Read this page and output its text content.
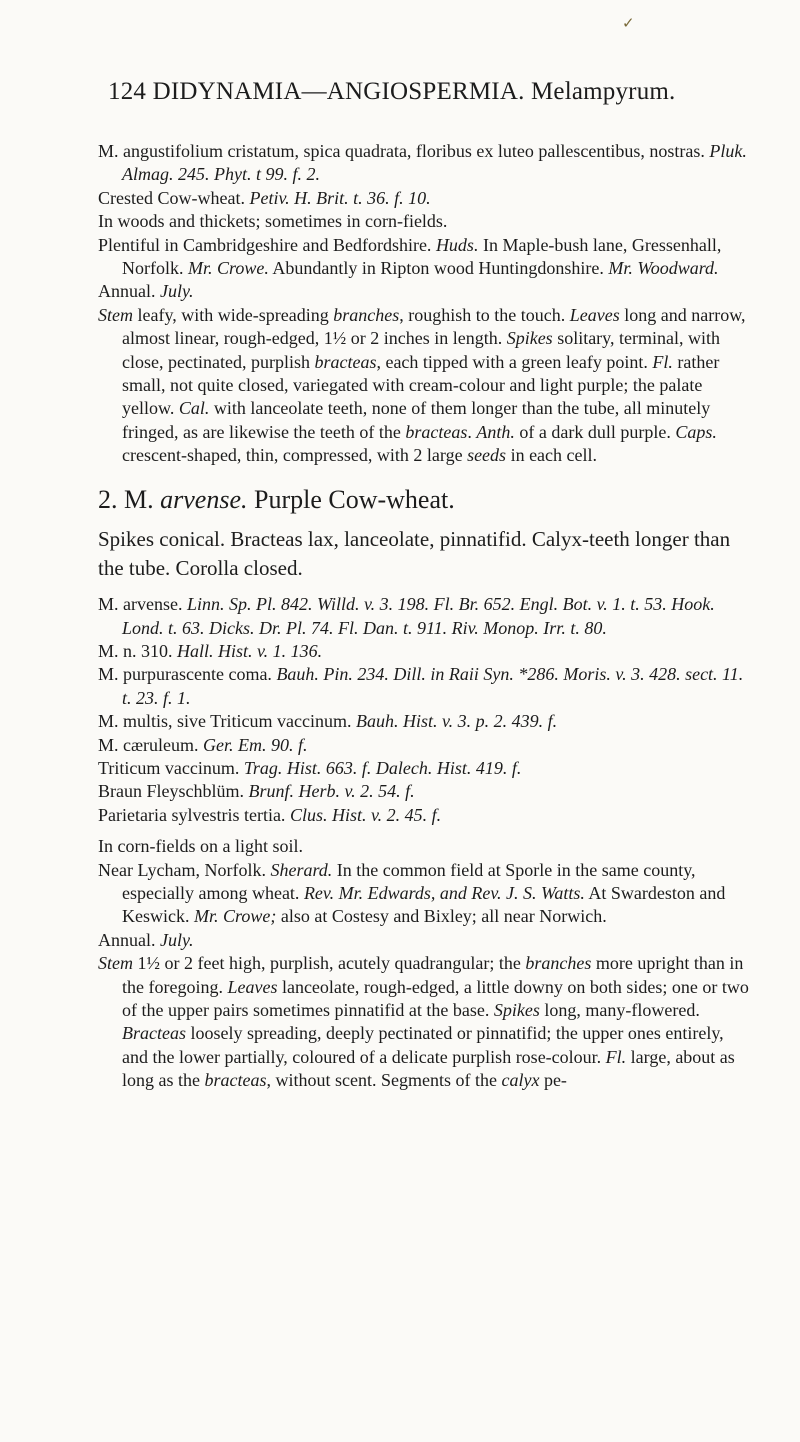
✓
124 DIDYNAMIA—ANGIOSPERMIA. Melampyrum.

M. angustifolium cristatum, spica quadrata, floribus ex luteo pallescentibus, nostras. Pluk. Almag. 245. Phyt. t 99. f. 2.

Crested Cow-wheat. Petiv. H. Brit. t. 36. f. 10.

In woods and thickets; sometimes in corn-fields.

Plentiful in Cambridgeshire and Bedfordshire. Huds. In Maple-bush lane, Gressenhall, Norfolk. Mr. Crowe. Abundantly in Ripton wood Huntingdonshire. Mr. Woodward.

Annual. July.

Stem leafy, with wide-spreading branches, roughish to the touch. Leaves long and narrow, almost linear, rough-edged, 1½ or 2 inches in length. Spikes solitary, terminal, with close, pectinated, purplish bracteas, each tipped with a green leafy point. Fl. rather small, not quite closed, variegated with cream-colour and light purple; the palate yellow. Cal. with lanceolate teeth, none of them longer than the tube, all minutely fringed, as are likewise the teeth of the bracteas. Anth. of a dark dull purple. Caps. crescent-shaped, thin, compressed, with 2 large seeds in each cell.

2. M. arvense. Purple Cow-wheat.

Spikes conical. Bracteas lax, lanceolate, pinnatifid. Calyx-teeth longer than the tube. Corolla closed.

M. arvense. Linn. Sp. Pl. 842. Willd. v. 3. 198. Fl. Br. 652. Engl. Bot. v. 1. t. 53. Hook. Lond. t. 63. Dicks. Dr. Pl. 74. Fl. Dan. t. 911. Riv. Monop. Irr. t. 80.

M. n. 310. Hall. Hist. v. 1. 136.

M. purpurascente coma. Bauh. Pin. 234. Dill. in Raii Syn. *286. Moris. v. 3. 428. sect. 11. t. 23. f. 1.

M. multis, sive Triticum vaccinum. Bauh. Hist. v. 3. p. 2. 439. f.

M. cæruleum. Ger. Em. 90. f.

Triticum vaccinum. Trag. Hist. 663. f. Dalech. Hist. 419. f.

Braun Fleyschblüm. Brunf. Herb. v. 2. 54. f.

Parietaria sylvestris tertia. Clus. Hist. v. 2. 45. f.

In corn-fields on a light soil.

Near Lycham, Norfolk. Sherard. In the common field at Sporle in the same county, especially among wheat. Rev. Mr. Edwards, and Rev. J. S. Watts. At Swardeston and Keswick. Mr. Crowe; also at Costesy and Bixley; all near Norwich.

Annual. July.

Stem 1½ or 2 feet high, purplish, acutely quadrangular; the branches more upright than in the foregoing. Leaves lanceolate, rough-edged, a little downy on both sides; one or two of the upper pairs sometimes pinnatifid at the base. Spikes long, many-flowered. Bracteas loosely spreading, deeply pectinated or pinnatifid; the upper ones entirely, and the lower partially, coloured of a delicate purplish rose-colour. Fl. large, about as long as the bracteas, without scent. Segments of the calyx pe-
